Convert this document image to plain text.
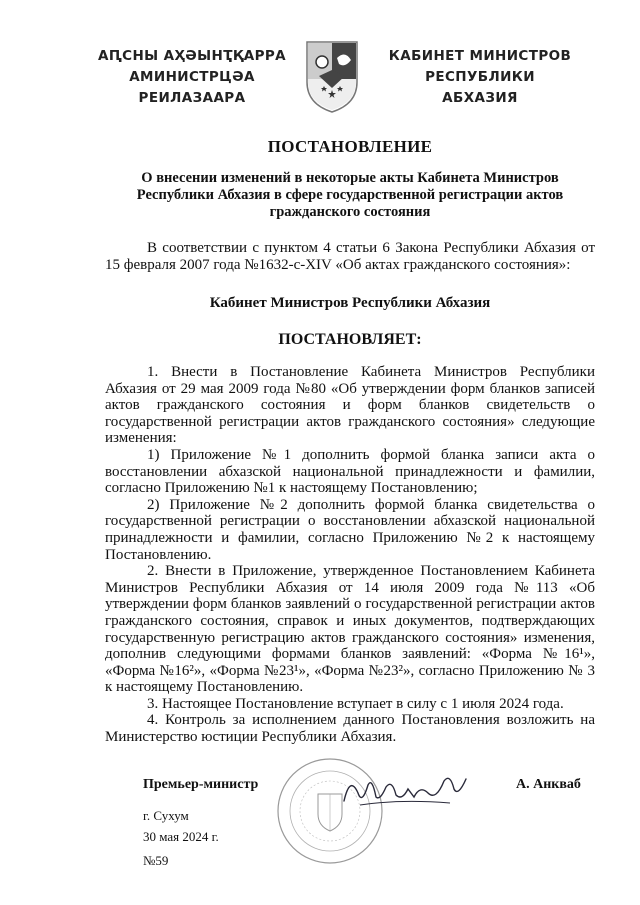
АԤСНЫ АҲӘЫНҬҚАРРА
АМИНИСТРЦӘА РЕИЛАЗААРА
КАБИНЕТ МИНИСТРОВ
РЕСПУБЛИКИ АБХАЗИЯ
ПОСТАНОВЛЕНИЕ
О внесении изменений в некоторые акты Кабинета Министров
Республики Абхазия в сфере государственной регистрации актов
гражданского состояния
В соответствии с пунктом 4 статьи 6 Закона Республики Абхазия от 15 февраля 2007 года №1632-с-XIV «Об актах гражданского состояния»:
Кабинет Министров Республики Абхазия
ПОСТАНОВЛЯЕТ:
1. Внести в Постановление Кабинета Министров Республики Абхазия от 29 мая 2009 года №80 «Об утверждении форм бланков записей актов гражданского состояния и форм бланков свидетельств о государственной регистрации актов гражданского состояния» следующие изменения:
1) Приложение №1 дополнить формой бланка записи акта о восстановлении абхазской национальной принадлежности и фамилии, согласно Приложению №1 к настоящему Постановлению;
2) Приложение №2 дополнить формой бланка свидетельства о государственной регистрации о восстановлении абхазской национальной принадлежности и фамилии, согласно Приложению №2 к настоящему Постановлению.
2. Внести в Приложение, утвержденное Постановлением Кабинета Министров Республики Абхазия от 14 июля 2009 года №113 «Об утверждении форм бланков заявлений о государственной регистрации актов гражданского состояния, справок и иных документов, подтверждающих государственную регистрацию актов гражданского состояния» изменения, дополнив следующими формами бланков заявлений: «Форма №16¹», «Форма №16²», «Форма №23¹», «Форма №23²», согласно Приложению № 3 к настоящему Постановлению.
3. Настоящее Постановление вступает в силу с 1 июля 2024 года.
4. Контроль за исполнением данного Постановления возложить на Министерство юстиции Республики Абхазия.
Премьер-министр	А. Анкваб
г. Сухум
30 мая 2024 г.
№59
